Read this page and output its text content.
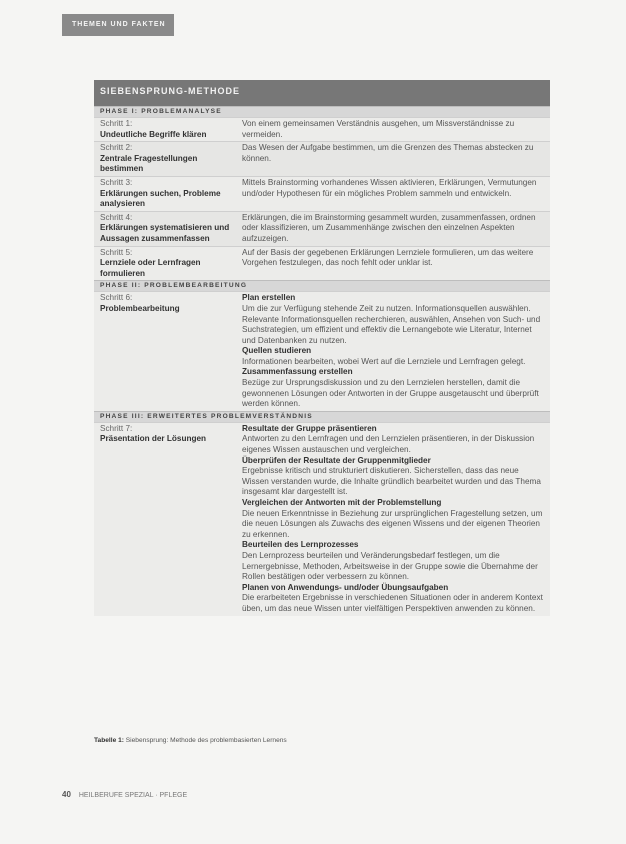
THEMEN UND FAKTEN
SIEBENSPRUNG-METHODE
PHASE I: PROBLEMANALYSE
Schritt 1:
Undeutliche Begriffe klären
Von einem gemeinsamen Verständnis ausgehen, um Missverständnisse zu vermeiden.
Schritt 2:
Zentrale Fragestellungen bestimmen
Das Wesen der Aufgabe bestimmen, um die Grenzen des Themas abstecken zu können.
Schritt 3:
Erklärungen suchen, Probleme analysieren
Mittels Brainstorming vorhandenes Wissen aktivieren, Erklärungen, Vermutungen und/oder Hypothesen für ein mögliches Problem sammeln und entwickeln.
Schritt 4:
Erklärungen systematisieren und Aussagen zusammenfassen
Erklärungen, die im Brainstorming gesammelt wurden, zusammenfassen, ordnen oder klassifizieren, um Zusammenhänge zwischen den einzelnen Aspekten aufzuzeigen.
Schritt 5:
Lernziele oder Lernfragen formulieren
Auf der Basis der gegebenen Erklärungen Lernziele formulieren, um das weitere Vorgehen festzulegen, das noch fehlt oder unklar ist.
PHASE II: PROBLEMBEARBEITUNG
Schritt 6:
Problembearbeitung
Plan erstellen
Um die zur Verfügung stehende Zeit zu nutzen. Informationsquellen auswählen. Relevante Informationsquellen recherchieren, auswählen, Ansehen von Such- und Suchstrategien, um effizient und effektiv die Lernangebote wie Literatur, Internet und Datenbanken zu nutzen.
Quellen studieren
Informationen bearbeiten, wobei Wert auf die Lernziele und Lernfragen gelegt.
Zusammenfassung erstellen
Bezüge zur Ursprungsdiskussion und zu den Lernzielen herstellen, damit die gewonnenen Lösungen oder Antworten in der Gruppe ausgetauscht und überprüft werden können.
PHASE III: ERWEITERTES PROBLEMVERSTÄNDNIS
Schritt 7:
Präsentation der Lösungen
Resultate der Gruppe präsentieren
Antworten zu den Lernfragen und den Lernzielen präsentieren, in der Diskussion eigenes Wissen austauschen und vergleichen.
Überprüfen der Resultate der Gruppenmitglieder
Ergebnisse kritisch und strukturiert diskutieren. Sicherstellen, dass das neue Wissen verstanden wurde, die Inhalte gründlich bearbeitet wurden und das Thema insgesamt klar dargestellt ist.
Vergleichen der Antworten mit der Problemstellung
Die neuen Erkenntnisse in Beziehung zur ursprünglichen Fragestellung setzen, um die neuen Lösungen als Zuwachs des eigenen Wissens und der eigenen Theorien zu erkennen.
Beurteilen des Lernprozesses
Den Lernprozess beurteilen und Veränderungsbedarf festlegen, um die Lernergebnisse, Methoden, Arbeitsweise in der Gruppe sowie die Übernahme der Rollen bestätigen oder verbessern zu können.
Planen von Anwendungs- und/oder Übungsaufgaben
Die erarbeiteten Ergebnisse in verschiedenen Situationen oder in anderem Kontext üben, um das neue Wissen unter vielfältigen Perspektiven anwenden zu können.
Tabelle 1: Siebensprung: Methode des problembasierten Lernens
40 HEILBERUFE SPEZIAL · PFLEGE
